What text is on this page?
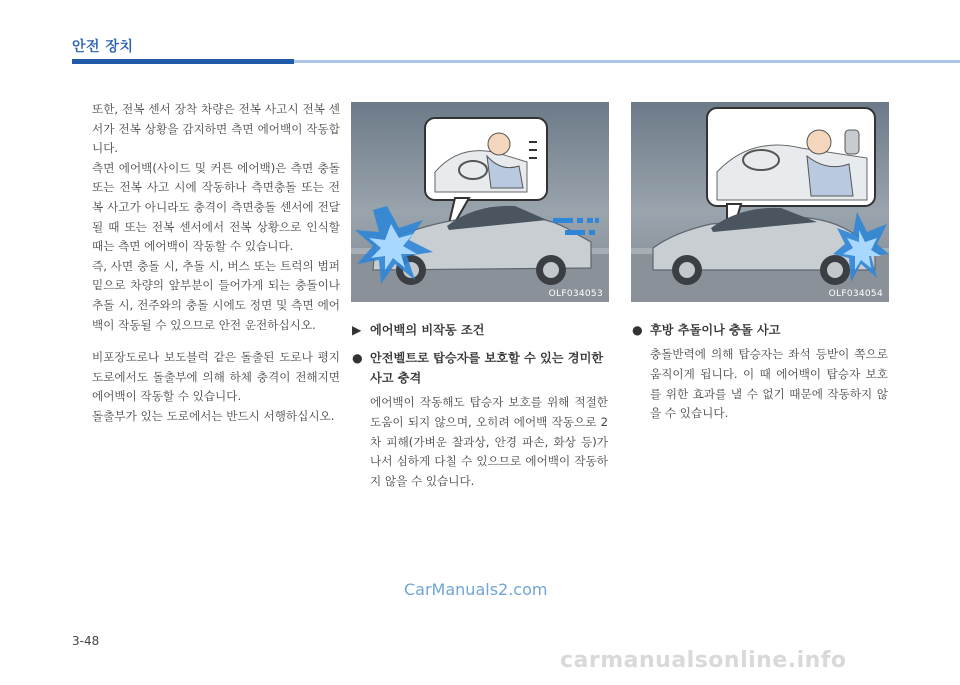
안전 장치

또한, 전복 센서 장착 차량은 전복 사고시 전복 센서가 전복 상황을 감지하면 측면 에어백이 작동합니다.

측면 에어백(사이드 및 커튼 에어백)은 측면 충돌 또는 전복 사고 시에 작동하나 측면충돌 또는 전복 사고가 아니라도 충격이 측면충돌 센서에 전달될 때 또는 전복 센서에서 전복 상황으로 인식할 때는 측면 에어백이 작동할 수 있습니다.

즉, 사면 충돌 시, 추돌 시, 버스 또는 트럭의 범퍼 밑으로 차량의 앞부분이 들어가게 되는 충돌이나 추돌 시, 전주와의 충돌 시에도 정면 및 측면 에어백이 작동될 수 있으므로 안전 운전하십시오.

비포장도로나 보도블럭 같은 돌출된 도로나 평지 도로에서도 돌출부에 의해 하체 충격이 전해지면 에어백이 작동할 수 있습니다.

돌출부가 있는 도로에서는 반드시 서행하십시오.

OLF034053	OLF034054
▶ 에어백의 비작동 조건
● 안전벨트로 탑승자를 보호할 수 있는 경미한 사고 충격
에어백이 작동해도 탑승자 보호를 위해 적절한 도움이 되지 않으며, 오히려 에어백 작동으로 2차 피해(가벼운 찰과상, 안경 파손, 화상 등)가 나서 심하게 다칠 수 있으므로 에어백이 작동하지 않을 수 있습니다.
● 후방 추돌이나 충돌 사고
충돌반력에 의해 탑승자는 좌석 등받이 쪽으로움직이게 됩니다. 이 때 에어백이 탑승자 보호를 위한 효과를 낼 수 없기 때문에 작동하지 않을 수 있습니다.
CarManuals2.com
3-48
carmanualsonline.info
